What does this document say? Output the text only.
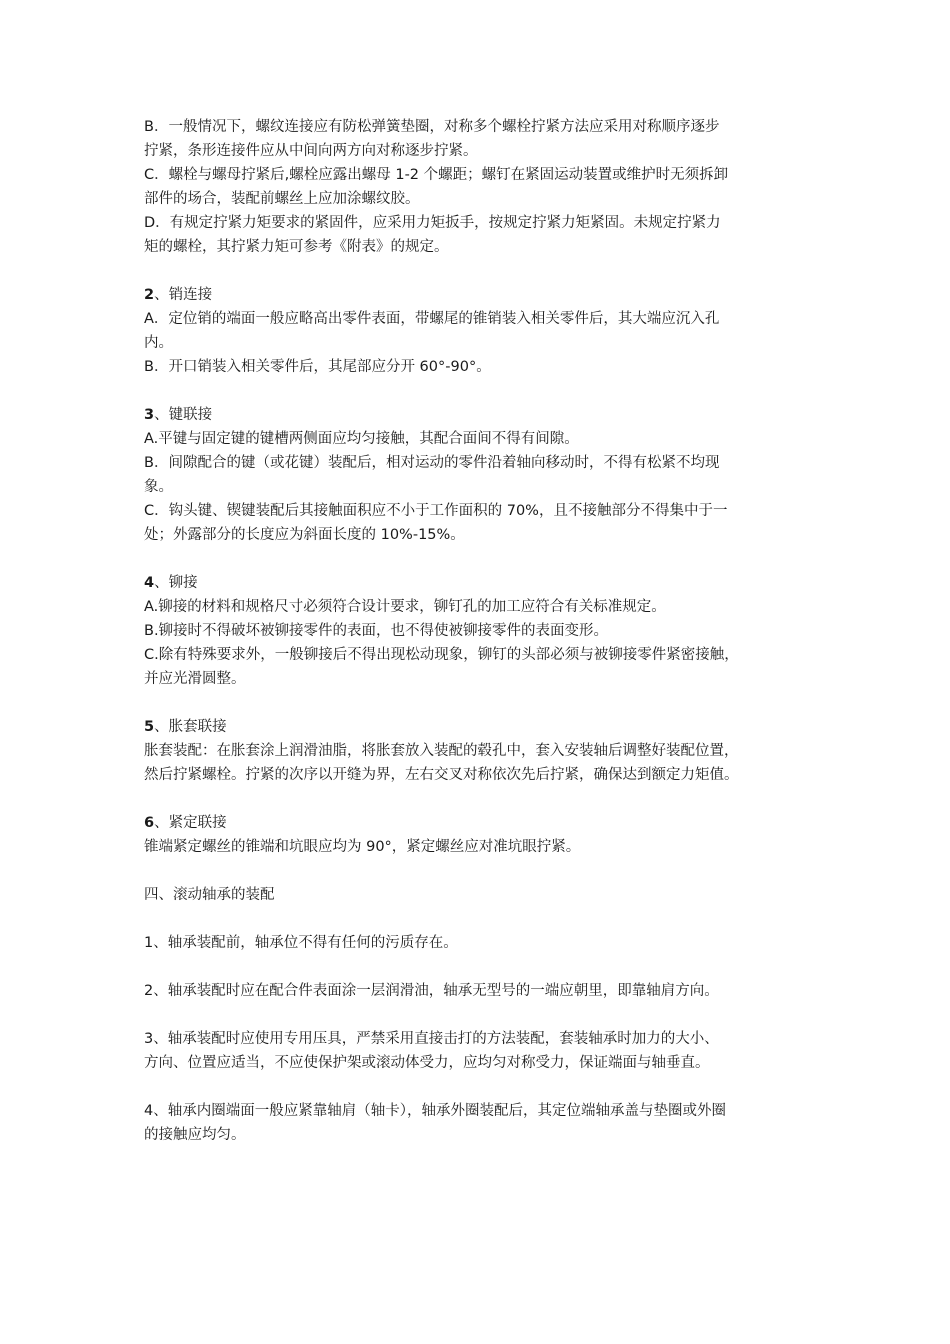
B．一般情况下，螺纹连接应有防松弹簧垫圈，对称多个螺栓拧紧方法应采用对称顺序逐步
拧紧，条形连接件应从中间向两方向对称逐步拧紧。
C．螺栓与螺母拧紧后,螺栓应露出螺母 1-2 个螺距；螺钉在紧固运动装置或维护时无须拆卸
部件的场合，装配前螺丝上应加涂螺纹胶。
D．有规定拧紧力矩要求的紧固件，应采用力矩扳手，按规定拧紧力矩紧固。未规定拧紧力
矩的螺栓，其拧紧力矩可参考《附表》的规定。
2、销连接
A．定位销的端面一般应略高出零件表面，带螺尾的锥销装入相关零件后，其大端应沉入孔
内。
B．开口销装入相关零件后，其尾部应分开 60°-90°。
3、键联接
A.平键与固定键的键槽两侧面应均匀接触，其配合面间不得有间隙。
B．间隙配合的键（或花键）装配后，相对运动的零件沿着轴向移动时，不得有松紧不均现
象。
C．钩头键、锲键装配后其接触面积应不小于工作面积的 70%，且不接触部分不得集中于一
处；外露部分的长度应为斜面长度的 10%-15%。
4、铆接
A.铆接的材料和规格尺寸必须符合设计要求，铆钉孔的加工应符合有关标准规定。
B.铆接时不得破坏被铆接零件的表面，也不得使被铆接零件的表面变形。
C.除有特殊要求外，一般铆接后不得出现松动现象，铆钉的头部必须与被铆接零件紧密接触，
并应光滑圆整。
5、胀套联接
胀套装配：在胀套涂上润滑油脂，将胀套放入装配的毂孔中，套入安装轴后调整好装配位置，
然后拧紧螺栓。拧紧的次序以开缝为界，左右交叉对称依次先后拧紧，确保达到额定力矩值。
6、紧定联接
锥端紧定螺丝的锥端和坑眼应均为 90°，紧定螺丝应对准坑眼拧紧。
四、滚动轴承的装配
1、轴承装配前，轴承位不得有任何的污质存在。
2、轴承装配时应在配合件表面涂一层润滑油，轴承无型号的一端应朝里，即靠轴肩方向。
3、轴承装配时应使用专用压具，严禁采用直接击打的方法装配，套装轴承时加力的大小、
方向、位置应适当，不应使保护架或滚动体受力，应均匀对称受力，保证端面与轴垂直。
4、轴承内圈端面一般应紧靠轴肩（轴卡），轴承外圈装配后，其定位端轴承盖与垫圈或外圈
的接触应均匀。
